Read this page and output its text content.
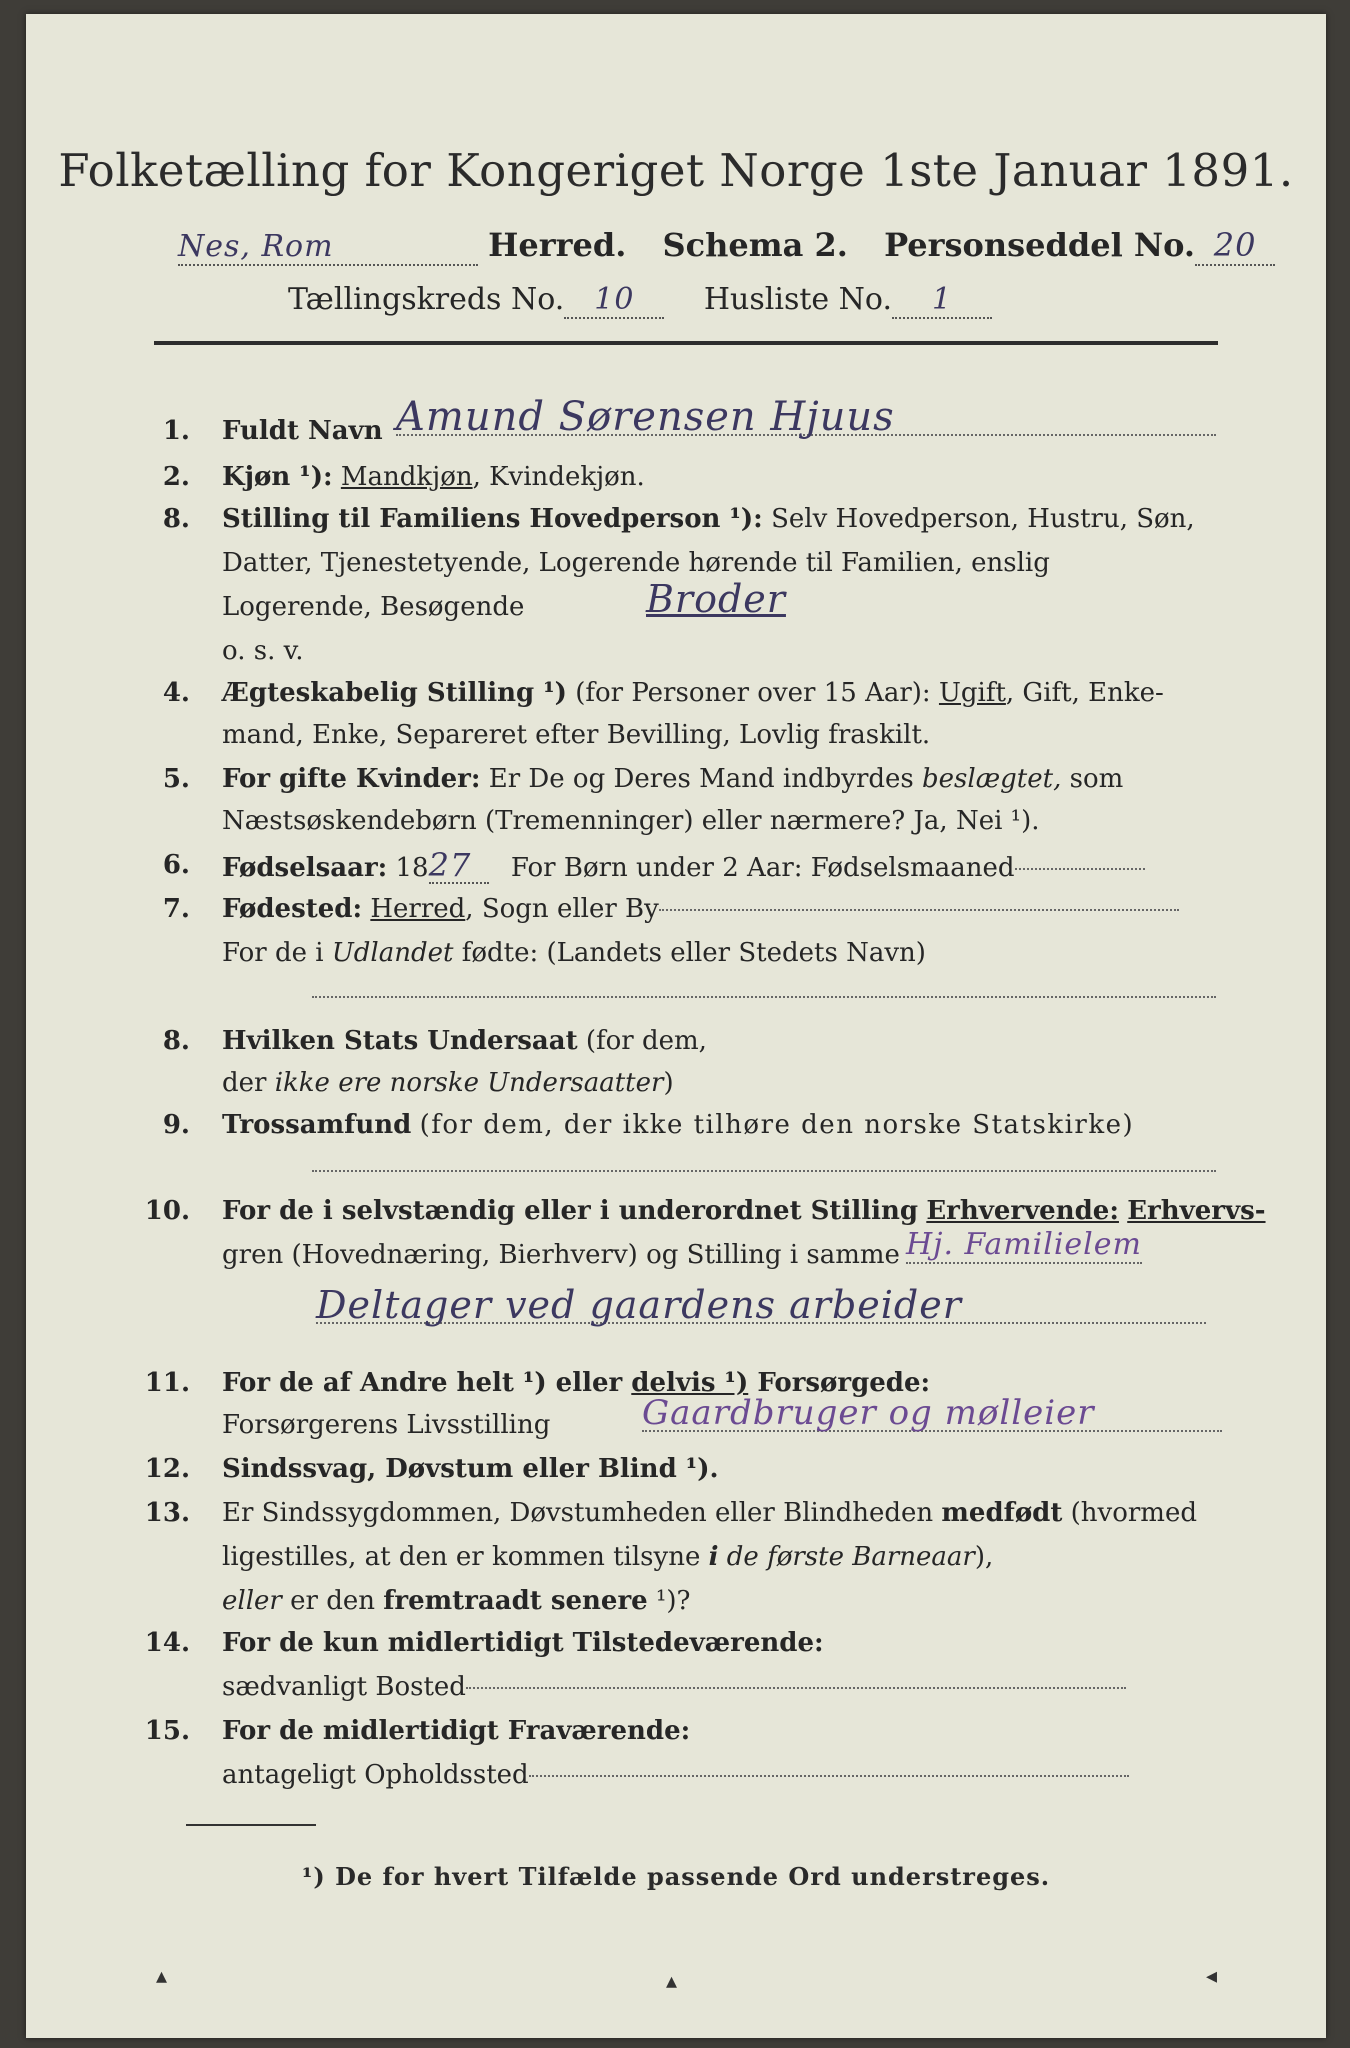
Folketælling for Kongeriget Norge 1ste Januar 1891.
Nes, Rom	Herred. Schema 2. Personseddel No. 20
Tællingskreds No. 10 Husliste No. 1
1. Fuldt Navn Amund Sørensen Hjuus
2. Kjøn ¹): Mandkjøn, Kvindekjøn.
8. Stilling til Familiens Hovedperson ¹): Selv Hovedperson, Hustru, Søn,
Datter, Tjenestetyende, Logerende hørende til Familien, enslig
Logerende, Besøgende	Broder
o. s. v.
4. Ægteskabelig Stilling ¹) (for Personer over 15 Aar): Ugift, Gift, Enke-
mand, Enke, Separeret efter Bevilling, Lovlig fraskilt.
5. For gifte Kvinder: Er De og Deres Mand indbyrdes beslægtet, som
Næstsøskendebørn (Tremenninger) eller nærmere? Ja, Nei ¹).
6. Fødselsaar: 1827 For Børn under 2 Aar: Fødselsmaaned
7. Fødested: Herred, Sogn eller By
For de i Udlandet fødte: (Landets eller Stedets Navn)
8. Hvilken Stats Undersaat (for dem,
der ikke ere norske Undersaatter)
9. Trossamfund (for dem, der ikke tilhøre den norske Statskirke)
10. For de i selvstændig eller i underordnet Stilling Erhvervende: Erhvervs-
gren (Hovednæring, Bierhverv) og Stilling i samme Hj. Familielem
Deltager ved gaardens arbeider
11. For de af Andre helt ¹) eller delvis ¹) Forsørgede:
Forsørgerens Livsstilling	Gaardbruger og mølleier
12. Sindssvag, Døvstum eller Blind ¹).
13. Er Sindssygdommen, Døvstumheden eller Blindheden medfødt (hvormed
ligestilles, at den er kommen tilsyne i de første Barneaar),
eller er den fremtraadt senere ¹)?
14. For de kun midlertidigt Tilstedeværende:
sædvanligt Bosted
15. For de midlertidigt Fraværende:
antageligt Opholdssted
¹) De for hvert Tilfælde passende Ord understreges.
▴	▴	◂
